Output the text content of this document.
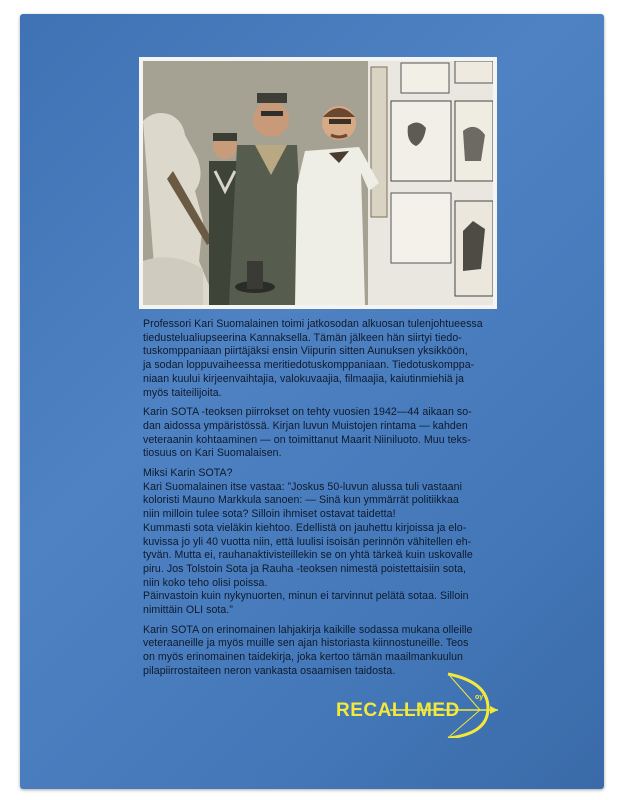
Professori Kari Suomalainen toimi jatkosodan alkuosan tulenjohtueessa
tiedustelualiupseerina Kannaksella. Tämän jälkeen hän siirtyi tiedo-
tuskomppaniaan piirtäjäksi ensin Viipurin sitten Aunuksen yksikköön,
ja sodan loppuvaiheessa meritiedotuskomppaniaan. Tiedotuskomppa-
niaan kuului kirjeenvaihtajia, valokuvaajia, filmaajia, kaiutinmiehiä ja
myös taiteilijoita.

Karin SOTA -teoksen piirrokset on tehty vuosien 1942—44 aikaan so-
dan aidossa ympäristössä. Kirjan luvun Muistojen rintama — kahden
veteraanin kohtaaminen — on toimittanut Maarit Niiniluoto. Muu teks-
tiosuus on Kari Suomalaisen.

Miksi Karin SOTA?
Kari Suomalainen itse vastaa: ”Joskus 50-luvun alussa tuli vastaani
koloristi Mauno Markkula sanoen: — Sinä kun ymmärrät politiikkaa
niin milloin tulee sota? Silloin ihmiset ostavat taidetta!
Kummasti sota vieläkin kiehtoo. Edellistä on jauhettu kirjoissa ja elo-
kuvissa jo yli 40 vuotta niin, että luulisi isoisän perinnön vähitellen eh-
tyvän. Mutta ei, rauhanaktivisteillekin se on yhtä tärkeä kuin uskovalle
piru. Jos Tolstoin Sota ja Rauha -teoksen nimestä poistettaisiin sota,
niin koko teho olisi poissa.
Päinvastoin kuin nykynuorten, minun ei tarvinnut pelätä sotaa. Silloin
nimittäin OLI sota.”

Karin SOTA on erinomainen lahjakirja kaikille sodassa mukana olleille
veteraaneille ja myös muille sen ajan historiasta kiinnostuneille. Teos
on myös erinomainen taidekirja, joka kertoo tämän maailmankuulun
pilapiirrostaiteen neron vankasta osaamisen taidosta.

RECALLMED
oy
